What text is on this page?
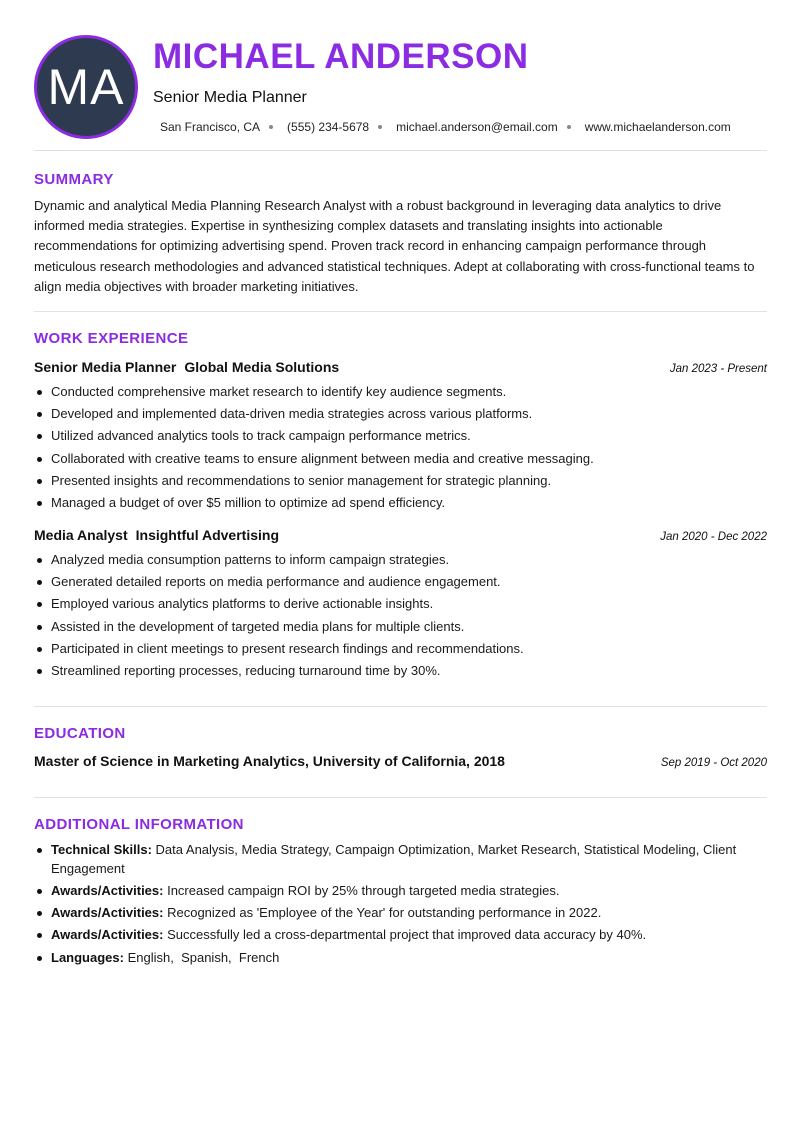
MA
MICHAEL ANDERSON
Senior Media Planner
San Francisco, CA (555) 234-5678 michael.anderson@email.com www.michaelanderson.com
SUMMARY

Dynamic and analytical Media Planning Research Analyst with a robust background in leveraging data analytics to drive informed media strategies. Expertise in synthesizing complex datasets and translating insights into actionable recommendations for optimizing advertising spend. Proven track record in enhancing campaign performance through meticulous research methodologies and advanced statistical techniques. Adept at collaborating with cross-functional teams to align media objectives with broader marketing initiatives.

WORK EXPERIENCE
Senior Media Planner Global Media Solutions	Jan 2023 - Present
Conducted comprehensive market research to identify key audience segments.
Developed and implemented data-driven media strategies across various platforms.
Utilized advanced analytics tools to track campaign performance metrics.
Collaborated with creative teams to ensure alignment between media and creative messaging.
Presented insights and recommendations to senior management for strategic planning.
Managed a budget of over $5 million to optimize ad spend efficiency.
Media Analyst Insightful Advertising	Jan 2020 - Dec 2022
Analyzed media consumption patterns to inform campaign strategies.
Generated detailed reports on media performance and audience engagement.
Employed various analytics platforms to derive actionable insights.
Assisted in the development of targeted media plans for multiple clients.
Participated in client meetings to present research findings and recommendations.
Streamlined reporting processes, reducing turnaround time by 30%.
EDUCATION
Master of Science in Marketing Analytics, University of California, 2018	Sep 2019 - Oct 2020
ADDITIONAL INFORMATION
Technical Skills: Data Analysis, Media Strategy, Campaign Optimization, Market Research, Statistical Modeling, Client Engagement
Awards/Activities: Increased campaign ROI by 25% through targeted media strategies.
Awards/Activities: Recognized as 'Employee of the Year' for outstanding performance in 2022.
Awards/Activities: Successfully led a cross-departmental project that improved data accuracy by 40%.
Languages: English,  Spanish,  French
